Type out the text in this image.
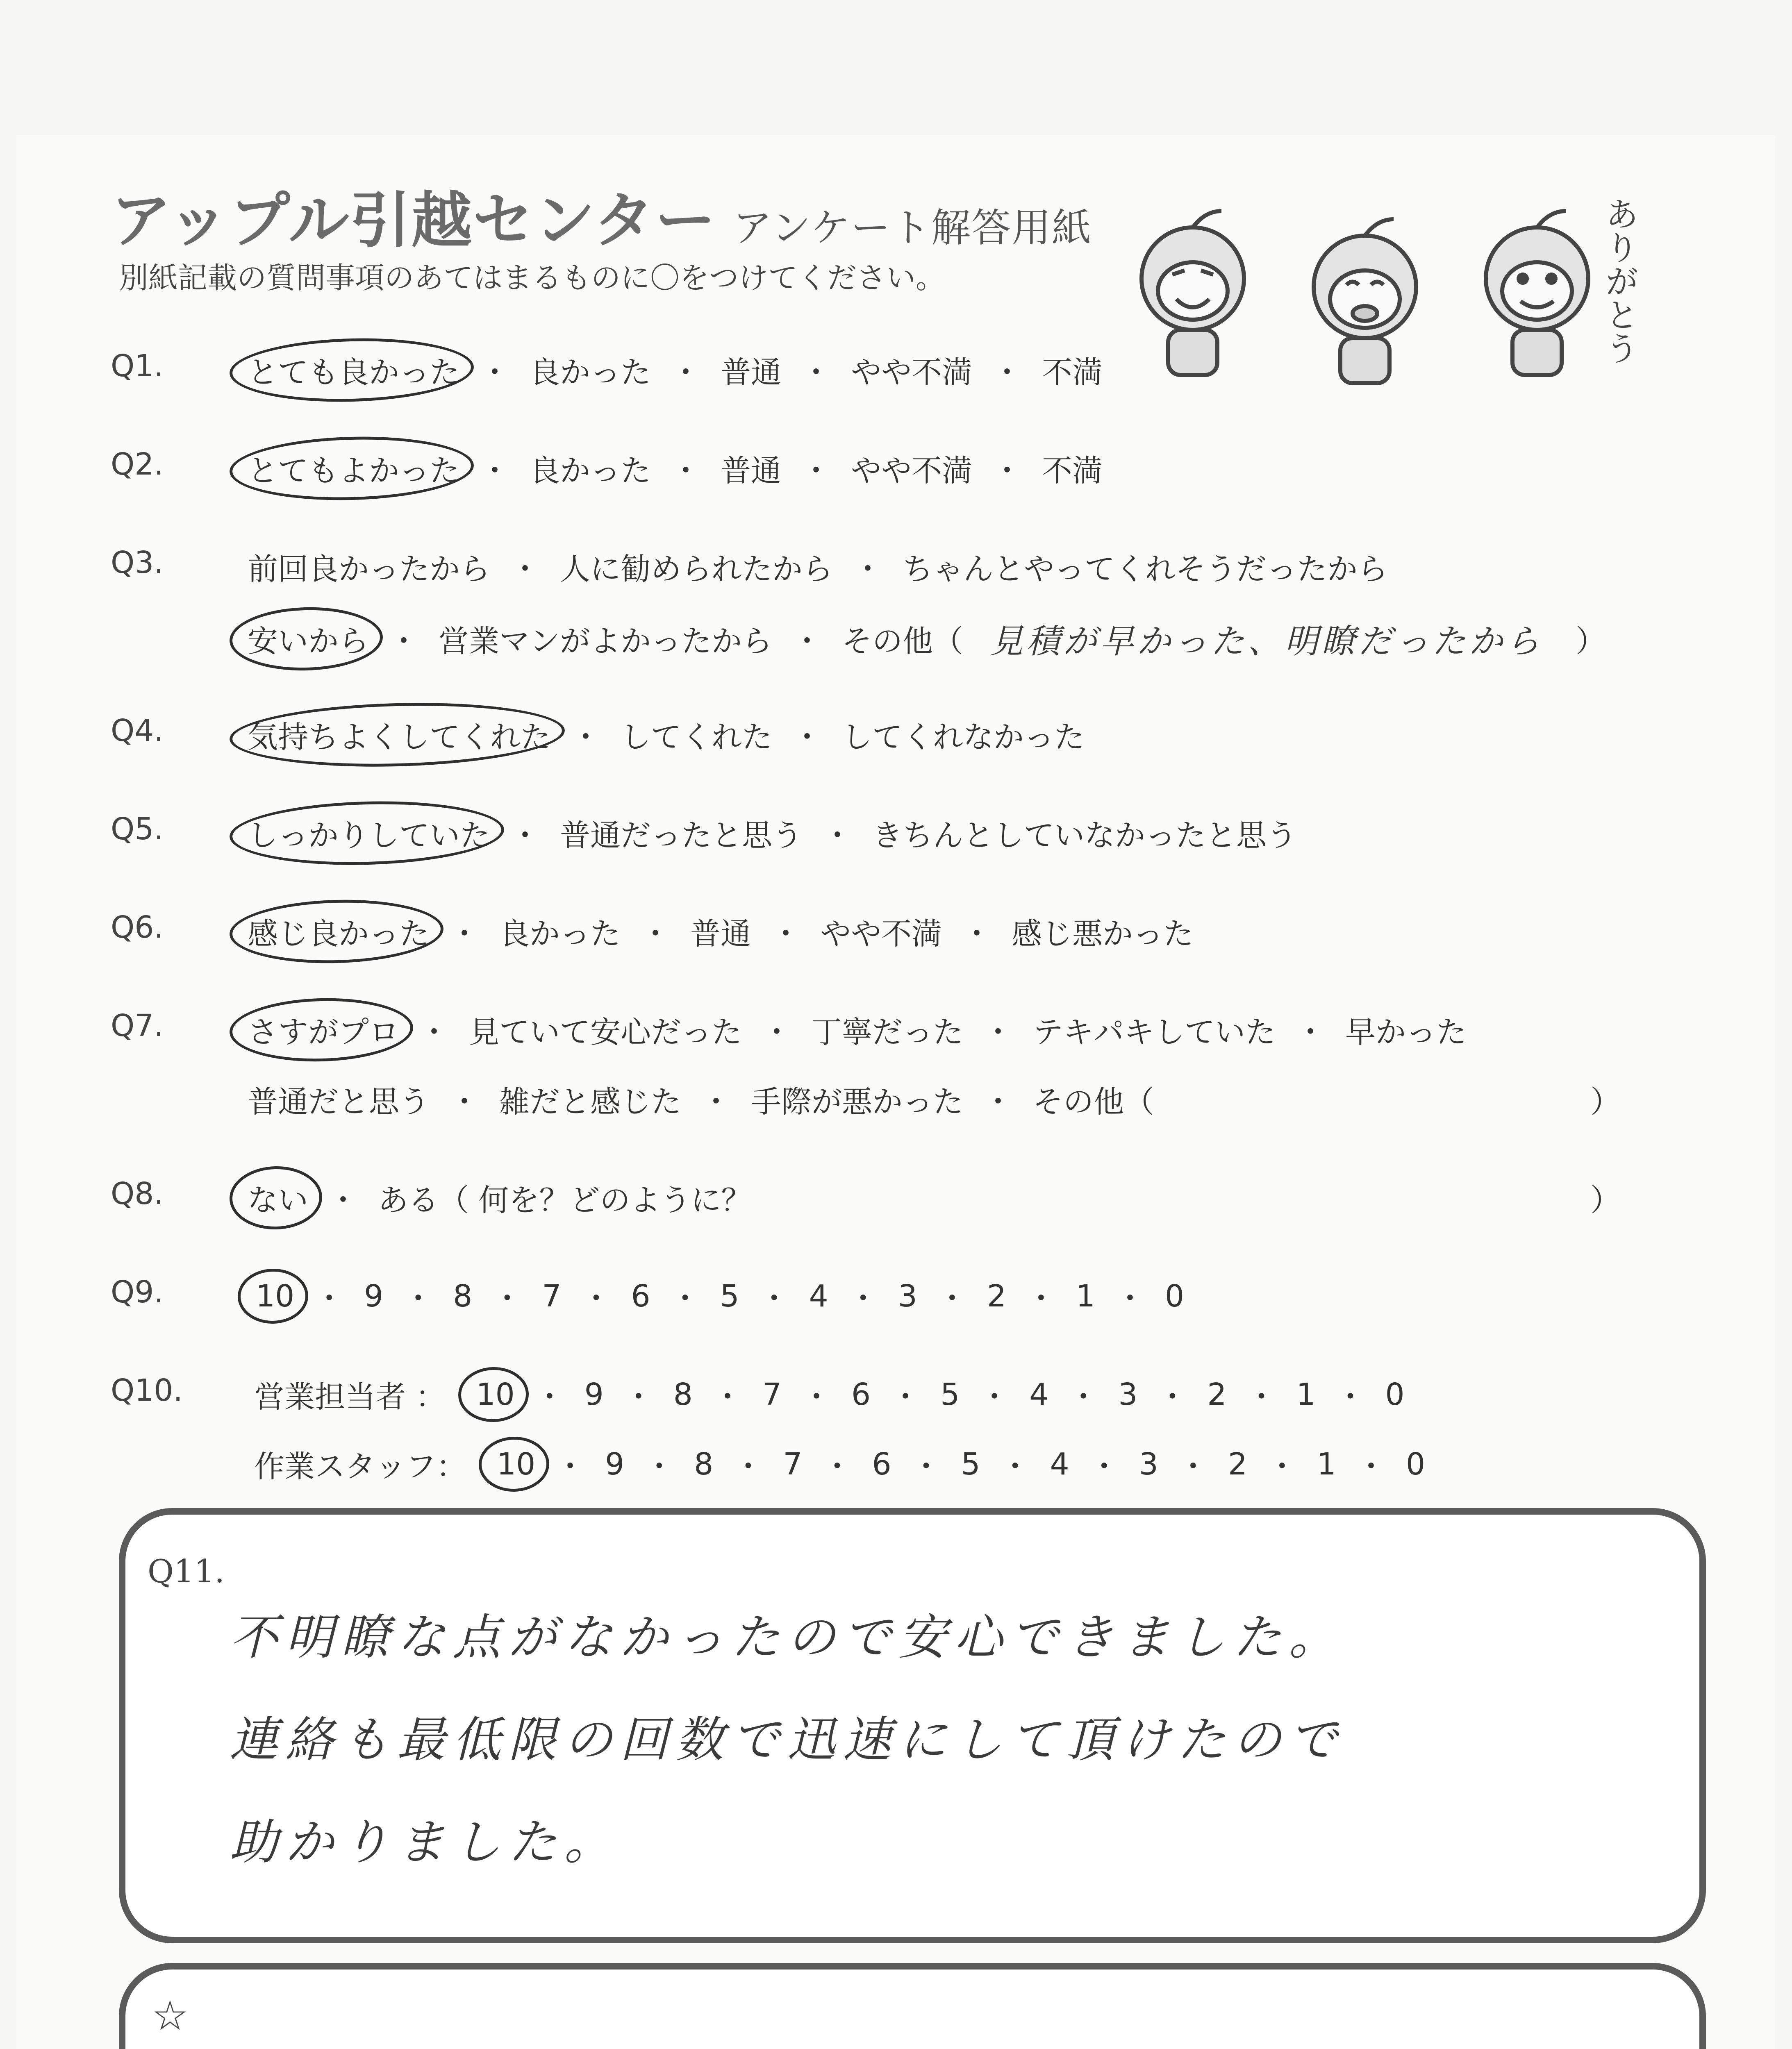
アップル引越センター アンケート解答用紙
別紙記載の質問事項のあてはまるものに〇をつけてください。	ありがとう
Q1.	とても良かった ・ 良かった ・ 普通 ・ やや不満 ・ 不満
Q2.	とてもよかった ・ 良かった ・ 普通 ・ やや不満 ・ 不満
Q3.	前回良かったから ・ 人に勧められたから ・ ちゃんとやってくれそうだったから
安いから ・ 営業マンがよかったから ・ その他（ 見積が早かった、明瞭だったから ）
Q4.	気持ちよくしてくれた ・ してくれた ・ してくれなかった
Q5.	しっかりしていた ・ 普通だったと思う ・ きちんとしていなかったと思う
Q6.	感じ良かった ・ 良かった ・ 普通 ・ やや不満 ・ 感じ悪かった
Q7.	さすがプロ ・ 見ていて安心だった ・ 丁寧だった ・ テキパキしていた ・ 早かった
普通だと思う ・ 雑だと感じた ・ 手際が悪かった ・ その他（	）
Q8.	ない ・ ある（ 何を？どのように？	）
Q9.	10 ・ 9 ・ 8 ・ 7 ・ 6 ・ 5 ・ 4 ・ 3 ・ 2 ・ 1 ・ 0
Q10. 営業担当者 ： 10 ・ 9 ・ 8 ・ 7 ・ 6 ・ 5 ・ 4 ・ 3 ・ 2 ・ 1 ・ 0
作業スタッフ： 10 ・ 9 ・ 8 ・ 7 ・ 6 ・ 5 ・ 4 ・ 3 ・ 2 ・ 1 ・ 0
Q11.
不明瞭な点がなかったので安心できました。
連絡も最低限の回数で迅速にして頂けたので
助かりました。
☆
